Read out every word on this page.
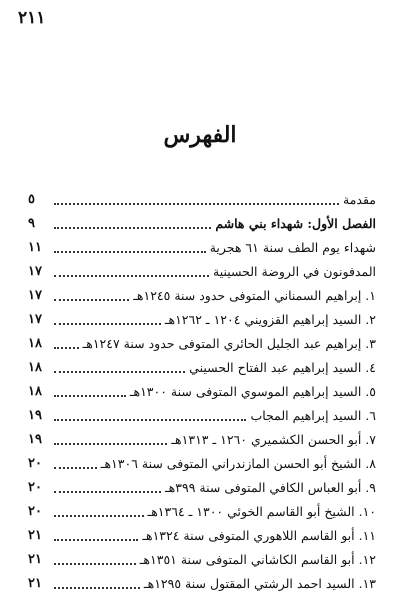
٢١١
الفهرس
مقدمة
٥
الفصل الأول: شهداء بني هاشم
٩
شهداء يوم الطف سنة ٦١ هجرية
١١
المدفونون في الروضة الحسينية
١٧
١. إبراهيم السمناني المتوفى حدود سنة ١٢٤٥هـ
١٧
٢. السيد إبراهيم القزويني ١٢٠٤ ـ ١٢٦٢هـ
١٧
٣. إبراهيم عبد الجليل الحائري المتوفى حدود سنة ١٢٤٧هـ
١٨
٤. السيد إبراهيم عبد الفتاح الحسيني
١٨
٥. السيد إبراهيم الموسوي المتوفى سنة ١٣٠٠هـ
١٨
٦. السيد إبراهيم المجاب
١٩
٧. أبو الحسن الكشميري ١٢٦٠ ـ ١٣١٣هـ
١٩
٨. الشيخ أبو الحسن المازندراني المتوفى سنة ١٣٠٦هـ
٢٠
٩. أبو العباس الكافي المتوفى سنة ٣٩٩هـ
٢٠
١٠. الشيخ أبو القاسم الخوئي ١٣٠٠ ـ ١٣٦٤هـ
٢٠
١١. أبو القاسم اللاهوري المتوفى سنة ١٣٢٤هـ
٢١
١٢. أبو القاسم الكاشاني المتوفى سنة ١٣٥١هـ
٢١
١٣. السيد احمد الرشتي المقتول سنة ١٢٩٥هـ
٢١
